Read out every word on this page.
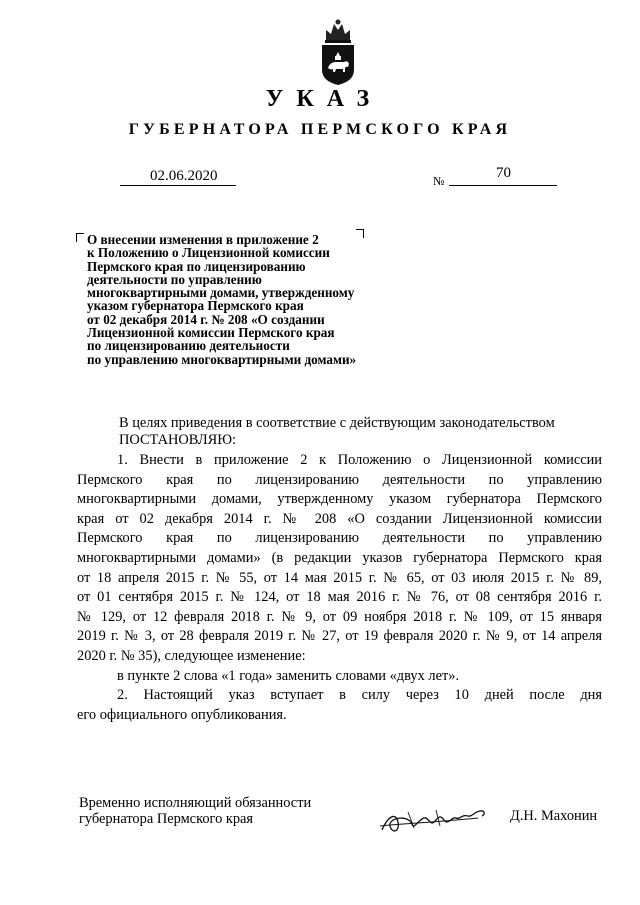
УКАЗ
ГУБЕРНАТОРА ПЕРМСКОГО КРАЯ
02.06.2020	№	70
О внесении изменения в приложение 2
к Положению о Лицензионной комиссии
Пермского края по лицензированию
деятельности по управлению
многоквартирными домами, утвержденному
указом губернатора Пермского края
от 02 декабря 2014 г. № 208 «О создании
Лицензионной комиссии Пермского края
по лицензированию деятельности
по управлению многоквартирными домами»
В целях приведения в соответствие с действующим законодательством
ПОСТАНОВЛЯЮ:
1. Внести в приложение 2 к Положению о Лицензионной комиссии
Пермского края по лицензированию деятельности по управлению
многоквартирными домами, утвержденному указом губернатора Пермского
края от 02 декабря 2014 г. № 208 «О создании Лицензионной комиссии
Пермского края по лицензированию деятельности по управлению
многоквартирными домами» (в редакции указов губернатора Пермского края
от 18 апреля 2015 г. № 55, от 14 мая 2015 г. № 65, от 03 июля 2015 г. № 89,
от 01 сентября 2015 г. № 124, от 18 мая 2016 г. № 76, от 08 сентября 2016 г.
№ 129, от 12 февраля 2018 г. № 9, от 09 ноября 2018 г. № 109, от 15 января
2019 г. № 3, от 28 февраля 2019 г. № 27, от 19 февраля 2020 г. № 9, от 14 апреля
2020 г. № 35), следующее изменение:
в пункте 2 слова «1 года» заменить словами «двух лет».
2. Настоящий указ вступает в силу через 10 дней после дня
его официального опубликования.
Временно исполняющий обязанности
губернатора Пермского края	Д.Н. Махонин
